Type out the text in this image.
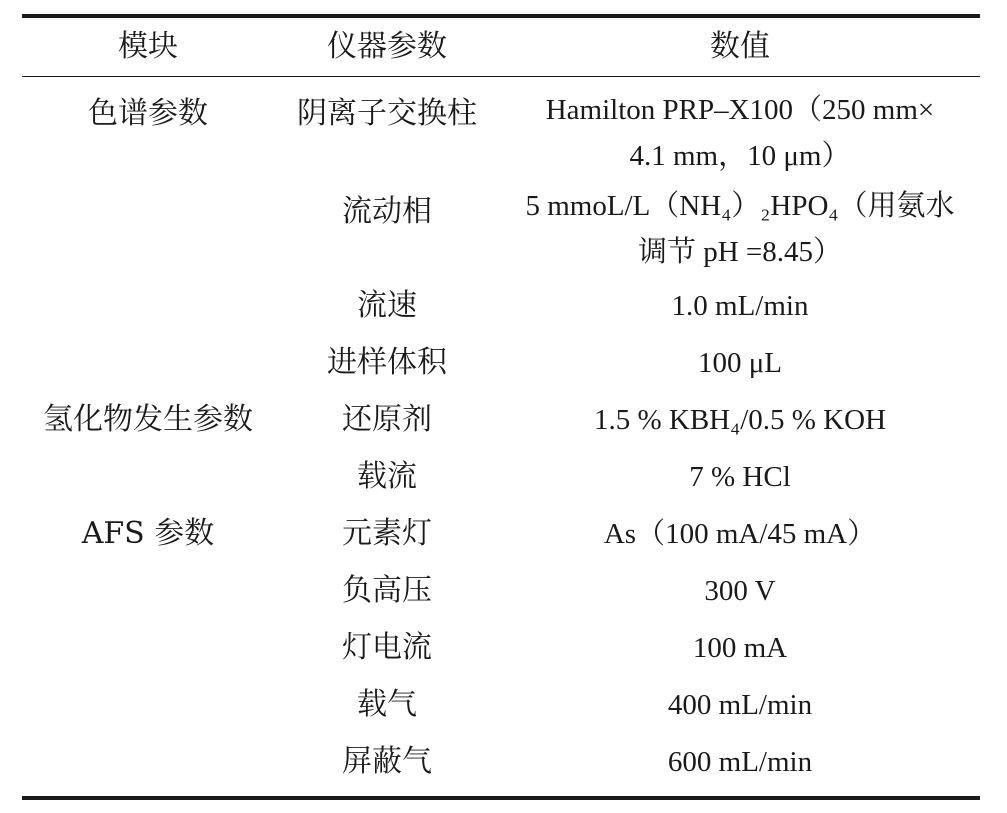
模块	仪器参数	数值
色谱参数	阴离子交换柱	Hamilton PRP–X100（250 mm×
4.1 mm，10 μm）

	流动相	5 mmoL/L（NH₄）₂HPO₄（用氨水
调节 pH =8.45）

	流速	1.0 mL/min
	进样体积	100 μL
氢化物发生参数	还原剂	1.5 % KBH₄/0.5 % KOH
	载流	7 % HCl
AFS 参数	元素灯	As（100 mA/45 mA）
	负高压	300 V
	灯电流	100 mA
	载气	400 mL/min
	屏蔽气	600 mL/min
